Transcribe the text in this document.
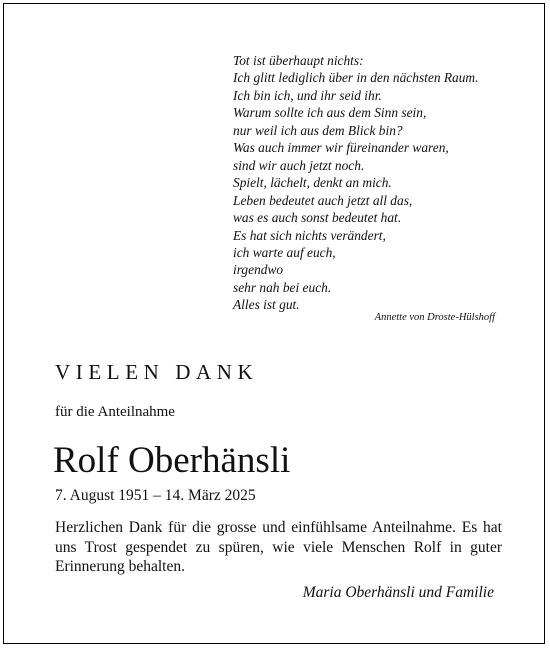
Tot ist überhaupt nichts:
Ich glitt lediglich über in den nächsten Raum.
Ich bin ich, und ihr seid ihr.
Warum sollte ich aus dem Sinn sein,
nur weil ich aus dem Blick bin?
Was auch immer wir füreinander waren,
sind wir auch jetzt noch.
Spielt, lächelt, denkt an mich.
Leben bedeutet auch jetzt all das,
was es auch sonst bedeutet hat.
Es hat sich nichts verändert,
ich warte auf euch,
irgendwo
sehr nah bei euch.
Alles ist gut.
Annette von Droste-Hülshoff
VIELEN DANK
für die Anteilnahme
Rolf Oberhänsli
7. August 1951 – 14. März 2025
Herzlichen Dank für die grosse und einfühlsame Anteilnahme. Es hat uns Trost gespendet zu spüren, wie viele Menschen Rolf in guter Erinnerung behalten.
Maria Oberhänsli und Familie
